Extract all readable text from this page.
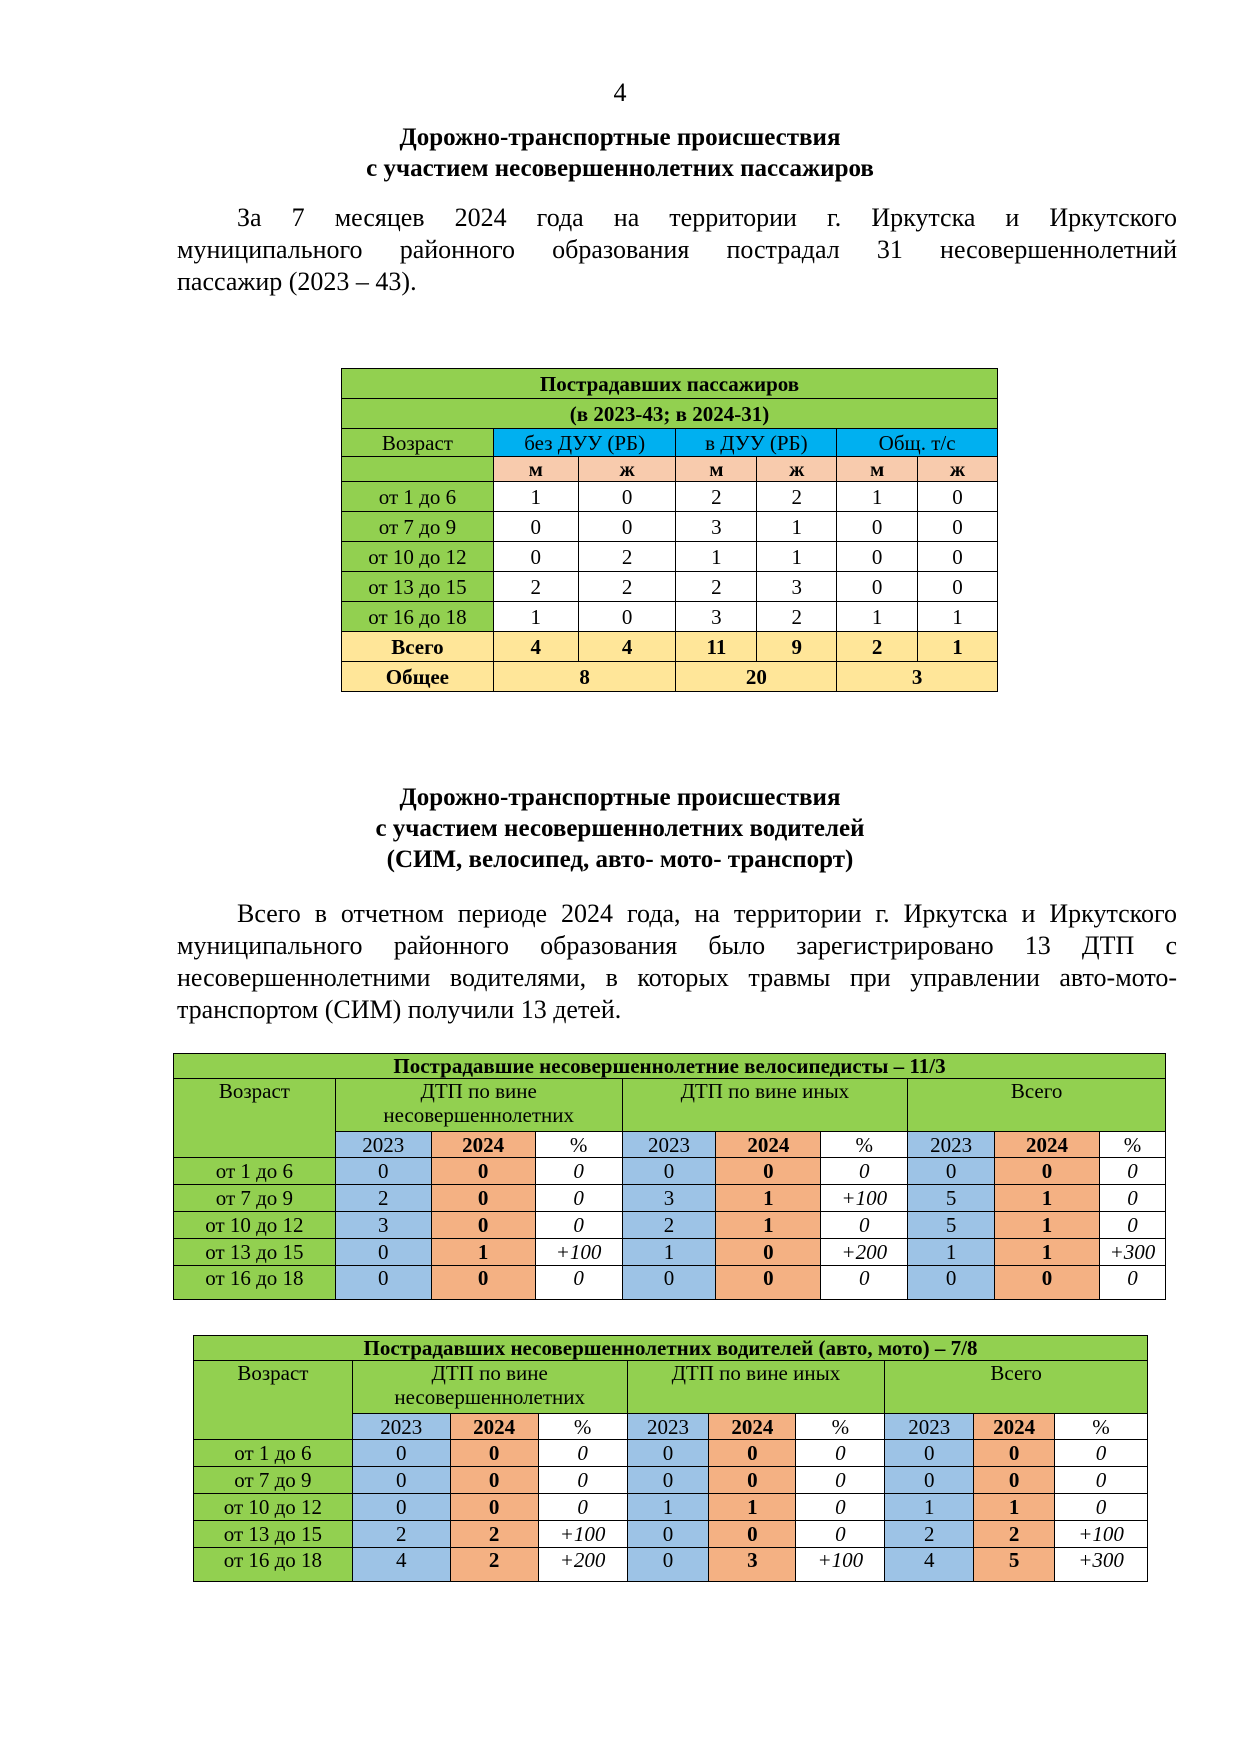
4
Дорожно-транспортные происшествия
с участием несовершеннолетних пассажиров
За 7 месяцев 2024 года на территории г. Иркутска и Иркутского
муниципального районного образования пострадал 31 несовершеннолетний
пассажир (2023 – 43).
Пострадавших пассажиров						
(в 2023-43; в 2024-31)						
Возраст	без ДУУ (РБ)		в ДУУ (РБ)		Общ. т/с	
	м	ж	м	ж	м	ж
от 1 до 6	1	0	2	2	1	0
от 7 до 9	0	0	3	1	0	0
от 10 до 12	0	2	1	1	0	0
от 13 до 15	2	2	2	3	0	0
от 16 до 18	1	0	3	2	1	1
Всего	4	4	11	9	2	1
Общее	8		20		3	
Дорожно-транспортные происшествия
с участием несовершеннолетних водителей
(СИМ, велосипед, авто- мото- транспорт)
Всего в отчетном периоде 2024 года, на территории г. Иркутска и Иркутского
муниципального районного образования было зарегистрировано 13 ДТП с
несовершеннолетними водителями, в которых травмы при управлении авто-мото-
транспортом (СИМ) получили 13 детей.
Пострадавшие несовершеннолетние велосипедисты – 11/3									
Возраст	ДТП по вине несовершеннолетних			ДТП по вине иных			Всего		
	2023	2024	%	2023	2024	%	2023	2024	%
от 1 до 6	0	0	0	0	0	0	0	0	0
от 7 до 9	2	0	0	3	1	+100	5	1	0
от 10 до 12	3	0	0	2	1	0	5	1	0
от 13 до 15	0	1	+100	1	0	+200	1	1	+300
от 16 до 18	0	0	0	0	0	0	0	0	0
Пострадавших несовершеннолетних водителей (авто, мото) – 7/8									
Возраст	ДТП по вине несовершеннолетних			ДТП по вине иных			Всего		
	2023	2024	%	2023	2024	%	2023	2024	%
от 1 до 6	0	0	0	0	0	0	0	0	0
от 7 до 9	0	0	0	0	0	0	0	0	0
от 10 до 12	0	0	0	1	1	0	1	1	0
от 13 до 15	2	2	+100	0	0	0	2	2	+100
от 16 до 18	4	2	+200	0	3	+100	4	5	+300
